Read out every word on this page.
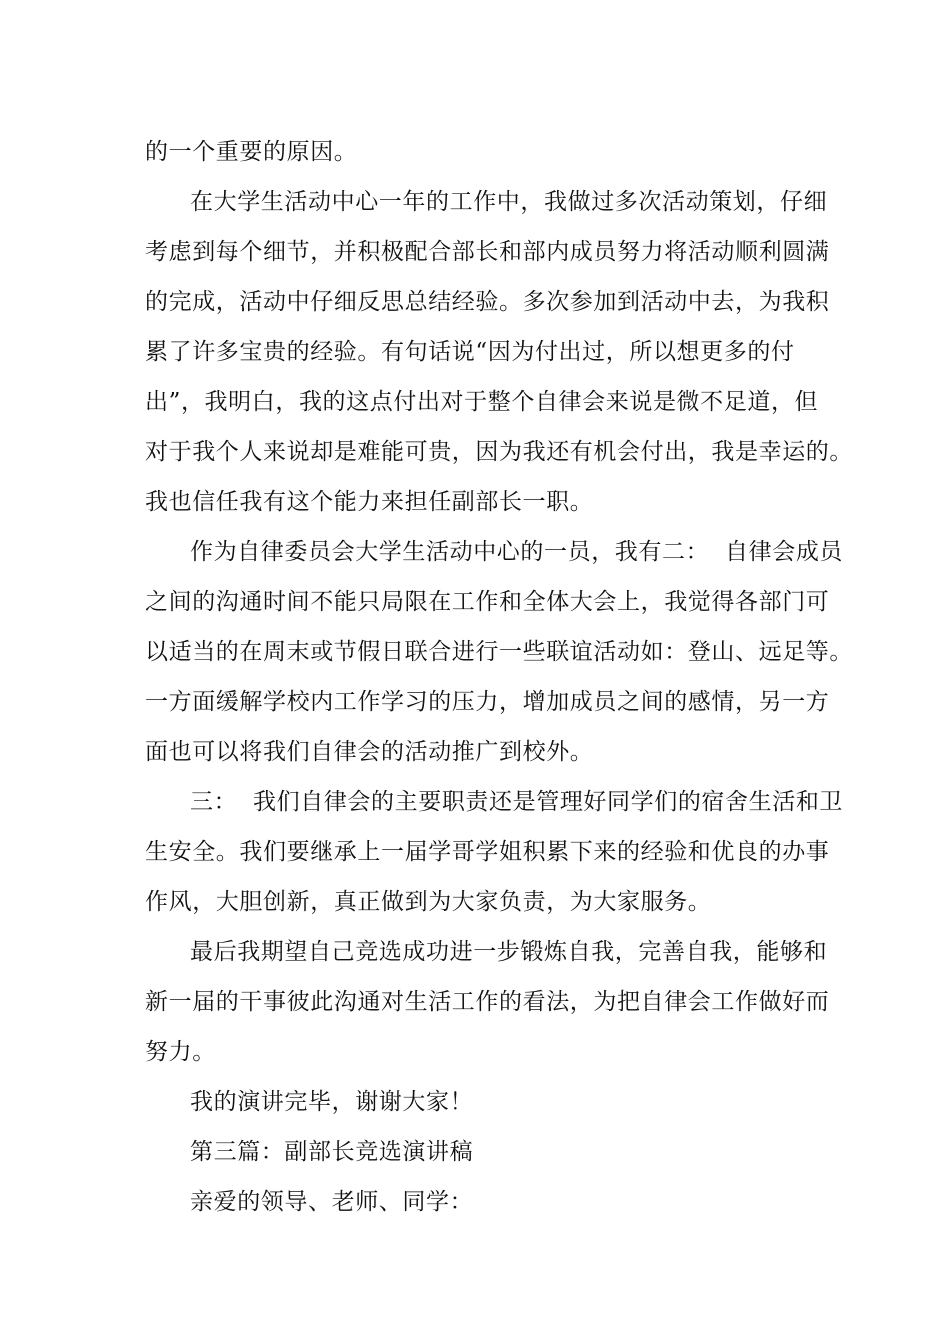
的一个重要的原因。
在大学生活动中心一年的工作中，我做过多次活动策划，仔细
考虑到每个细节，并积极配合部长和部内成员努力将活动顺利圆满
的完成，活动中仔细反思总结经验。多次参加到活动中去，为我积
累了许多宝贵的经验。有句话说“因为付出过，所以想更多的付
出”，我明白，我的这点付出对于整个自律会来说是微不足道，但
对于我个人来说却是难能可贵，因为我还有机会付出，我是幸运的。
我也信任我有这个能力来担任副部长一职。
作为自律委员会大学生活动中心的一员，我有二：  自律会成员
之间的沟通时间不能只局限在工作和全体大会上，我觉得各部门可
以适当的在周末或节假日联合进行一些联谊活动如：登山、远足等。
一方面缓解学校内工作学习的压力，增加成员之间的感情，另一方
面也可以将我们自律会的活动推广到校外。
三：  我们自律会的主要职责还是管理好同学们的宿舍生活和卫
生安全。我们要继承上一届学哥学姐积累下来的经验和优良的办事
作风，大胆创新，真正做到为大家负责，为大家服务。
最后我期望自己竞选成功进一步锻炼自我，完善自我，能够和
新一届的干事彼此沟通对生活工作的看法，为把自律会工作做好而
努力。
我的演讲完毕，谢谢大家！
第三篇：副部长竞选演讲稿
亲爱的领导、老师、同学：
